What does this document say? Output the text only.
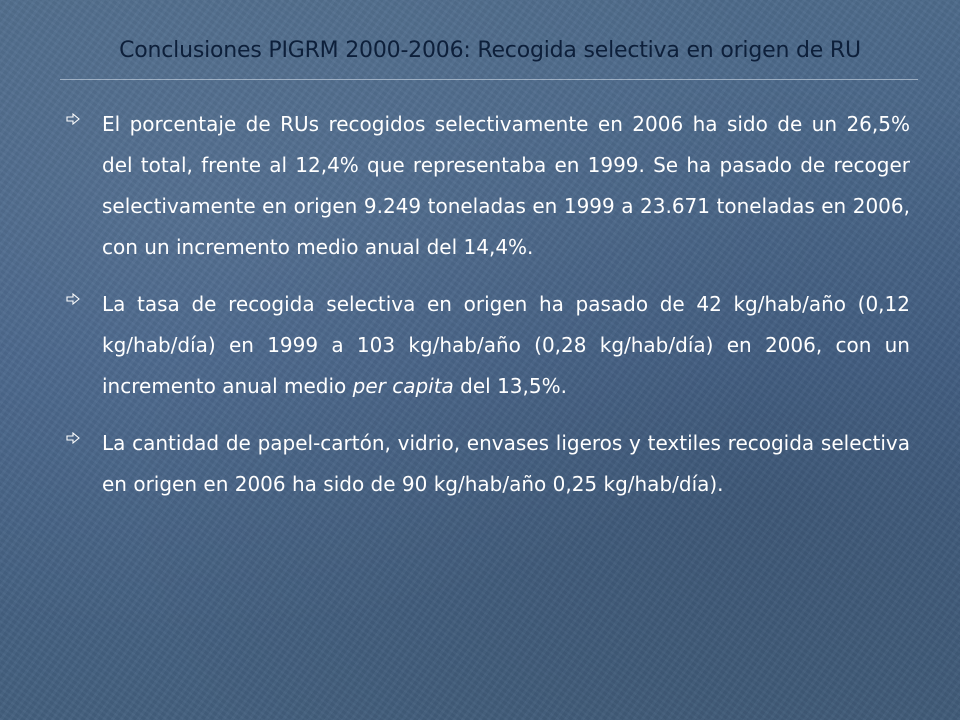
Conclusiones PIGRM 2000-2006: Recogida selectiva en origen de RU

El porcentaje de RUs recogidos selectivamente en 2006 ha sido de un 26,5% del total, frente al 12,4% que representaba en 1999. Se ha pasado de recoger selectivamente en origen 9.249 toneladas en 1999 a 23.671 toneladas en 2006, con un incremento medio anual del 14,4%.

La tasa de recogida selectiva en origen ha pasado de 42 kg/hab/año (0,12 kg/hab/día) en 1999 a 103 kg/hab/año (0,28 kg/hab/día) en 2006, con un incremento anual medio per capita del 13,5%.

La cantidad de papel-cartón, vidrio, envases ligeros y textiles recogida selectiva en origen en 2006 ha sido de 90 kg/hab/año 0,25 kg/hab/día).
